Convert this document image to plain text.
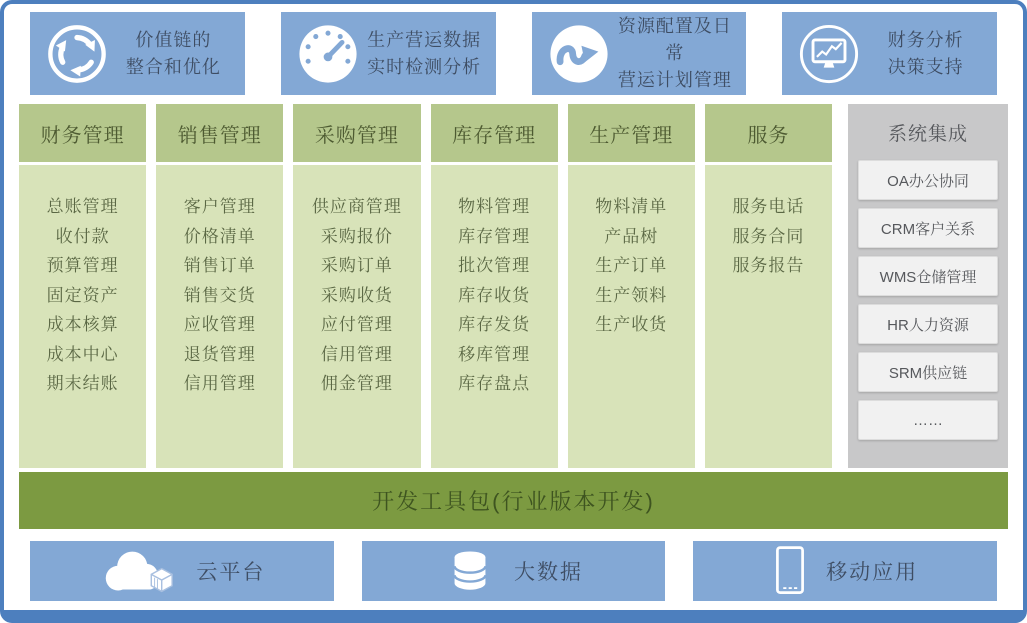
价值链的
整合和优化
生产营运数据
实时检测分析
资源配置及日常
营运计划管理
财务分析
决策支持
财务管理
总账管理
收付款
预算管理
固定资产
成本核算
成本中心
期末结账
销售管理
客户管理
价格清单
销售订单
销售交货
应收管理
退货管理
信用管理
采购管理
供应商管理
采购报价
采购订单
采购收货
应付管理
信用管理
佣金管理
库存管理
物料管理
库存管理
批次管理
库存收货
库存发货
移库管理
库存盘点
生产管理
物料清单
产品树
生产订单
生产领料
生产收货
服务
服务电话
服务合同
服务报告
系统集成
OA办公协同
CRM客户关系
WMS仓储管理
HR人力资源
SRM供应链
……
开发工具包(行业版本开发)
云平台	大数据	移动应用
